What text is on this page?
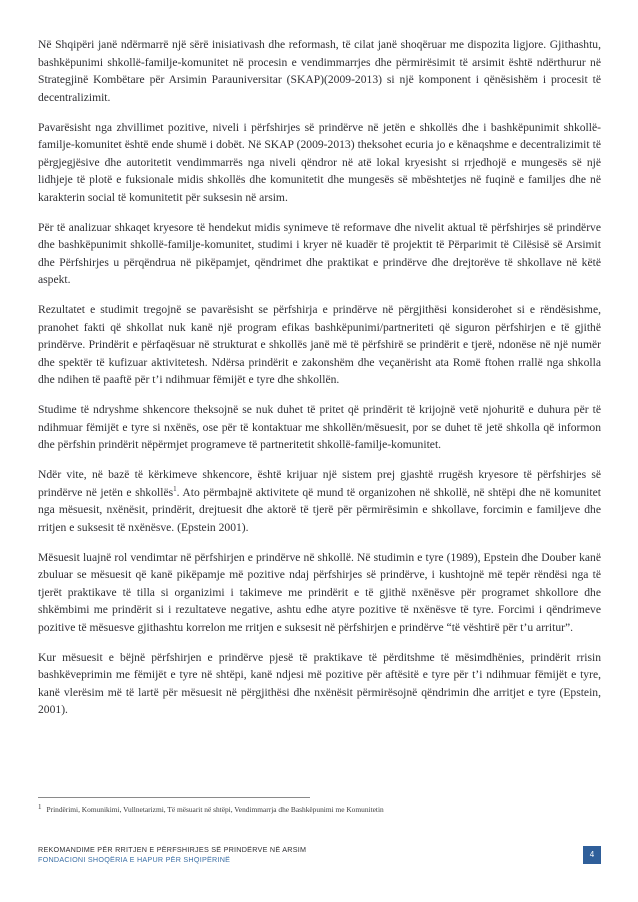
Në Shqipëri janë ndërmarrë një sërë inisiativash dhe reformash, të cilat janë shoqëruar me dispozita ligjore. Gjithashtu, bashkëpunimi shkollë-familje-komunitet në procesin e vendimmarrjes dhe përmirësimit të arsimit është ndërthurur në Strategjinë Kombëtare për Arsimin Parauniversitar (SKAP)(2009-2013) si një komponent i qënësishëm i procesit të decentralizimit.

Pavarësisht nga zhvillimet pozitive, niveli i përfshirjes së prindërve në jetën e shkollës dhe i bashkëpunimit shkollë-familje-komunitet është ende shumë i dobët. Në SKAP (2009-2013) theksohet ecuria jo e kënaqshme e decentralizimit të përgjegjësive dhe autoritetit vendimmarrës nga niveli qëndror në atë lokal kryesisht si rrjedhojë e mungesës së një lidhjeje të plotë e fuksionale midis shkollës dhe komunitetit dhe mungesës së mbështetjes në fuqinë e familjes dhe në karakterin social të komunitetit për suksesin në arsim.

Për të analizuar shkaqet kryesore të hendekut midis synimeve të reformave dhe nivelit aktual të përfshirjes së prindërve dhe bashkëpunimit shkollë-familje-komunitet, studimi i kryer në kuadër të projektit të Përparimit të Cilësisë së Arsimit dhe Përfshirjes u përqëndrua në pikëpamjet, qëndrimet dhe praktikat e prindërve dhe drejtorëve të shkollave në këtë aspekt.

Rezultatet e studimit tregojnë se pavarësisht se përfshirja e prindërve në përgjithësi konsiderohet si e rëndësishme, pranohet fakti që shkollat nuk kanë një program efikas bashkëpunimi/partneriteti që siguron përfshirjen e të gjithë prindërve. Prindërit e përfaqësuar në strukturat e shkollës janë më të përfshirë se prindërit e tjerë, ndonëse në një numër dhe spektër të kufizuar aktivitetesh. Ndërsa prindërit e zakonshëm dhe veçanërisht ata Romë ftohen rrallë nga shkolla dhe ndihen të paaftë për t’i ndihmuar fëmijët e tyre dhe shkollën.

Studime të ndryshme shkencore theksojnë se nuk duhet të pritet që prindërit të krijojnë vetë njohuritë e duhura për të ndihmuar fëmijët e tyre si nxënës, ose për të kontaktuar me shkollën/mësuesit, por se duhet të jetë shkolla që informon dhe përfshin prindërit nëpërmjet programeve të partneritetit shkollë-familje-komunitet.

Ndër vite, në bazë të kërkimeve shkencore, është krijuar një sistem prej gjashtë rrugësh kryesore të përfshirjes së prindërve në jetën e shkollës$^1$. Ato përmbajnë aktivitete që mund të organizohen në shkollë, në shtëpi dhe në komunitet nga mësuesit, nxënësit, prindërit, drejtuesit dhe aktorë të tjerë për përmirësimin e shkollave, forcimin e familjeve dhe rritjen e suksesit të nxënësve. (Epstein 2001).

Mësuesit luajnë rol vendimtar në përfshirjen e prindërve në shkollë. Në studimin e tyre (1989), Epstein dhe Douber kanë zbuluar se mësuesit që kanë pikëpamje më pozitive ndaj përfshirjes së prindërve, i kushtojnë më tepër rëndësi nga të tjerët praktikave të tilla si organizimi i takimeve me prindërit e të gjithë nxënësve për programet shkollore dhe shkëmbimi me prindërit si i rezultateve negative, ashtu edhe atyre pozitive të nxënësve të tyre. Forcimi i qëndrimeve pozitive të mësuesve gjithashtu korrelon me rritjen e suksesit në përfshirjen e prindërve “të vështirë për t’u arritur”.

Kur mësuesit e bëjnë përfshirjen e prindërve pjesë të praktikave të përditshme të mësimdhënies, prindërit rrisin bashkëveprimin me fëmijët e tyre në shtëpi, kanë ndjesi më pozitive për aftësitë e tyre për t’i ndihmuar fëmijët e tyre, kanë vlerësim më të lartë për mësuesit në përgjithësi dhe nxënësit përmirësojnë qëndrimin dhe arritjet e tyre (Epstein, 2001).

1 Prindërimi, Komunikimi, Vullnetarizmi, Të mësuarit në shtëpi, Vendimmarrja dhe Bashkëpunimi me Komunitetin
REKOMANDIME PËR RRITJEN E PËRFSHIRJES SË PRINDËRVE NË ARSIM
FONDACIONI SHOQËRIA E HAPUR PËR SHQIPËRINË
4
